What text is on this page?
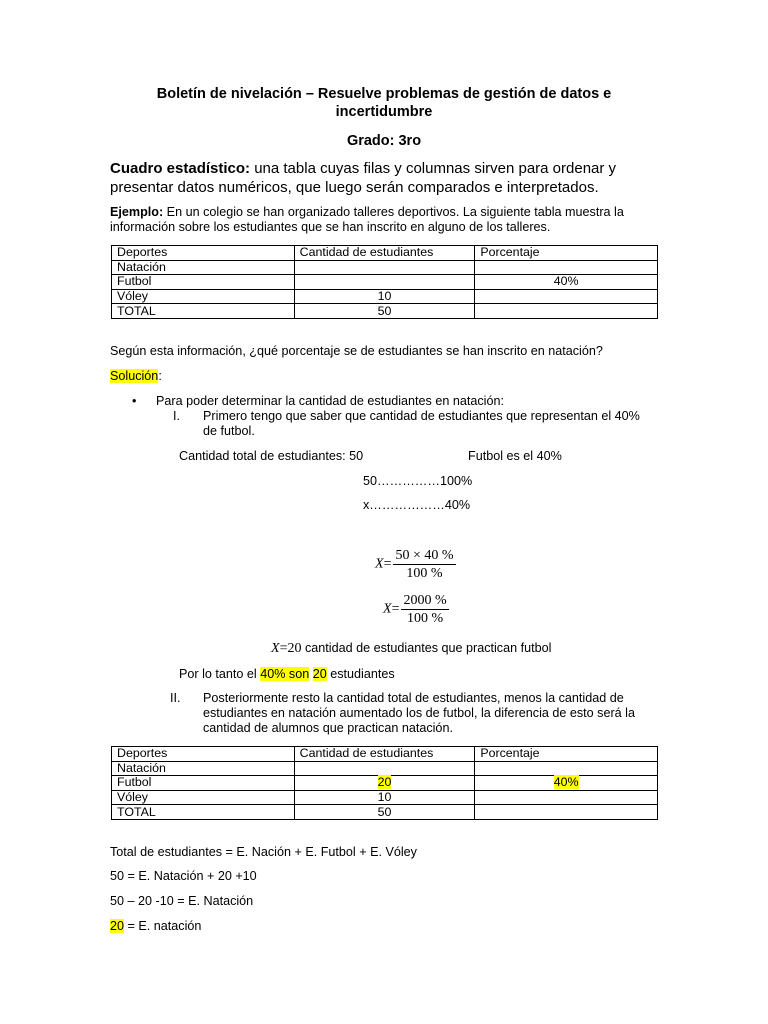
Boletín de nivelación – Resuelve problemas de gestión de datos e
incertidumbre
Grado: 3ro
Cuadro estadístico: una tabla cuyas filas y columnas sirven para ordenar y
presentar datos numéricos, que luego serán comparados e interpretados.
Ejemplo: En un colegio se han organizado talleres deportivos. La siguiente tabla muestra la
información sobre los estudiantes que se han inscrito en alguno de los talleres.
Deportes	Cantidad de estudiantes	Porcentaje
Natación		
Futbol		40%
Vóley	10	
TOTAL	50	
Según esta información, ¿qué porcentaje se de estudiantes se han inscrito en natación?
Solución:
• Para poder determinar la cantidad de estudiantes en natación:
I. Primero tengo que saber que cantidad de estudiantes que representan el 40%
de futbol.
Cantidad total de estudiantes: 50	Futbol es el 40%
50……………100%
x………………40%
$X= \frac{50 \times 40 \%}{100 \%}$
$X= \frac{2000 \%}{100 \%}$
X=20 cantidad de estudiantes que practican futbol
Por lo tanto el 40% son 20 estudiantes
II. Posteriormente resto la cantidad total de estudiantes, menos la cantidad de
estudiantes en natación aumentado los de futbol, la diferencia de esto será la
cantidad de alumnos que practican natación.
Deportes	Cantidad de estudiantes	Porcentaje
Natación		
Futbol	20	40%
Vóley	10	
TOTAL	50	
Total de estudiantes = E. Nación + E. Futbol + E. Vóley
50 = E. Natación + 20 +10
50 – 20 -10 = E. Natación
20 = E. natación
